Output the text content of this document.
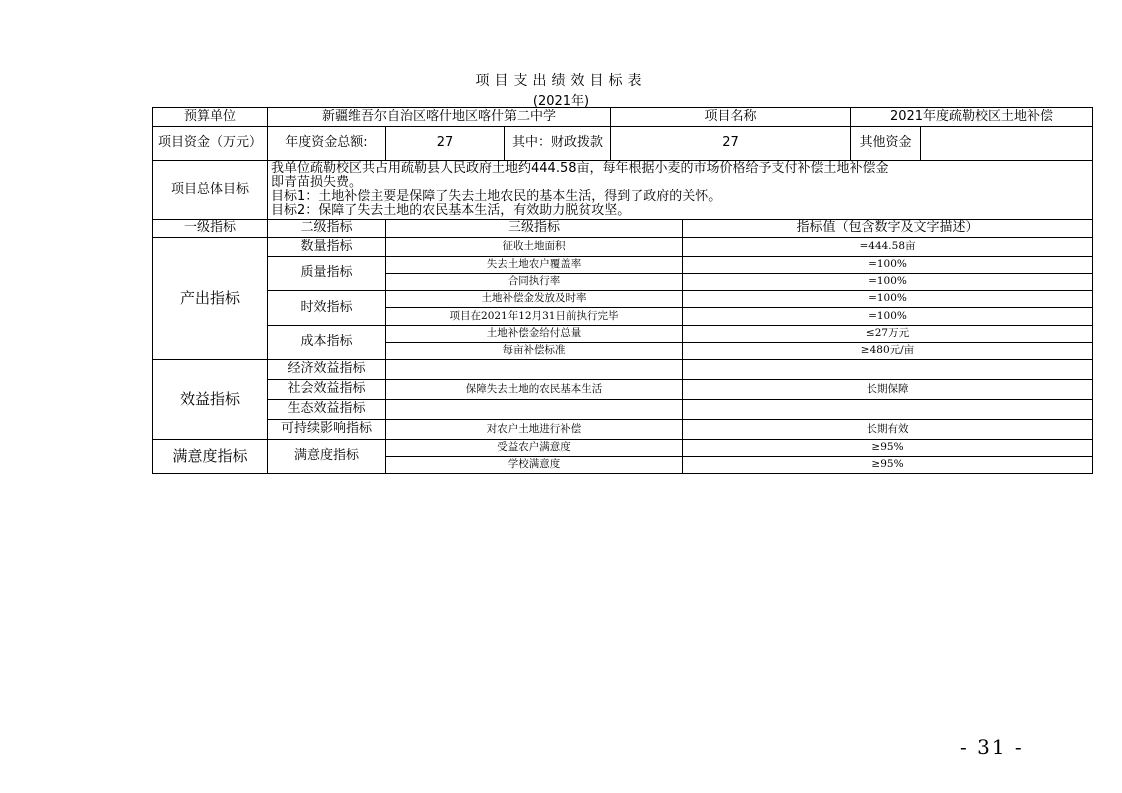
项目支出绩效目标表
(2021年)
预算单位	新疆维吾尔自治区喀什地区喀什第二中学			项目名称		2021年度疏勒校区土地补偿	
项目资金（万元）	年度资金总额:	27	其中：财政拨款	27		其他资金	
项目总体目标	我单位疏勒校区共占用疏勒县人民政府土地约444.58亩，每年根据小麦的市场价格给予支付补偿土地补偿金
即青苗损失费。
目标1：土地补偿主要是保障了失去土地农民的基本生活，得到了政府的关怀。
目标2：保障了失去土地的农民基本生活，有效助力脱贫攻坚。						

一级指标	二级指标	三级指标			指标值（包含数字及文字描述）		
产出指标	数量指标	征收土地面积			=444.58亩		
	质量指标	失去土地农户覆盖率			=100%		
		合同执行率			=100%		
	时效指标	土地补偿金发放及时率			=100%		
		项目在2021年12月31日前执行完毕			=100%		
	成本指标	土地补偿金给付总量			≤27万元		
		每亩补偿标准			≥480元/亩		
效益指标	经济效益指标						
	社会效益指标	保障失去土地的农民基本生活			长期保障		
	生态效益指标						
	可持续影响指标	对农户土地进行补偿			长期有效		
满意度指标	满意度指标	受益农户满意度			≥95%		
		学校满意度			≥95%		
- 31 -
